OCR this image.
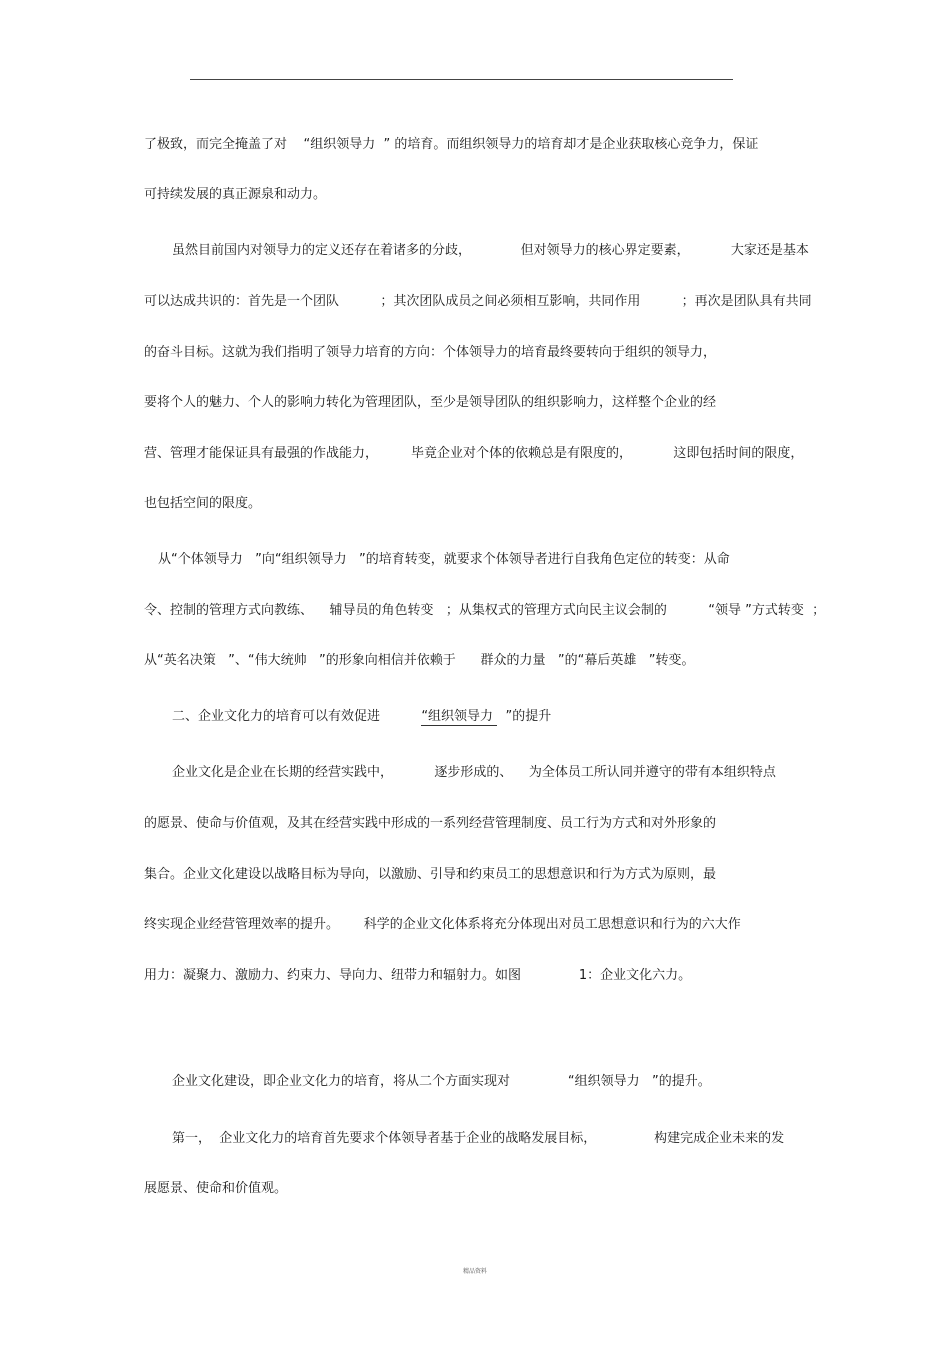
了极致，而完全掩盖了对    “组织领导力  ” 的培育。而组织领导力的培育却才是企业获取核心竞争力，保证
可持续发展的真正源泉和动力。
虽然目前国内对领导力的定义还存在着诸多的分歧，            但对领导力的核心界定要素，          大家还是基本
可以达成共识的：首先是一个团队          ；其次团队成员之间必须相互影响，共同作用          ；再次是团队具有共同
的奋斗目标。这就为我们指明了领导力培育的方向：个体领导力的培育最终要转向于组织的领导力，
要将个人的魅力、个人的影响力转化为管理团队，至少是领导团队的组织影响力，这样整个企业的经
营、管理才能保证具有最强的作战能力，        毕竟企业对个体的依赖总是有限度的，          这即包括时间的限度，
也包括空间的限度。
从“个体领导力   ”向“组织领导力   ”的培育转变，就要求个体领导者进行自我角色定位的转变：从命
令、控制的管理方式向教练、    辅导员的角色转变   ；从集权式的管理方式向民主议会制的          “领导 ”方式转变  ；
从“英名决策   ”、“伟大统帅   ”的形象向相信并依赖于      群众的力量   ”的“幕后英雄   ”转变。
二、企业文化力的培育可以有效促进          “组织领导力   ”的提升
企业文化是企业在长期的经营实践中，          逐步形成的、    为全体员工所认同并遵守的带有本组织特点
的愿景、使命与价值观，及其在经营实践中形成的一系列经营管理制度、员工行为方式和对外形象的
集合。企业文化建设以战略目标为导向，以激励、引导和约束员工的思想意识和行为方式为原则，最
终实现企业经营管理效率的提升。      科学的企业文化体系将充分体现出对员工思想意识和行为的六大作
用力：凝聚力、激励力、约束力、导向力、纽带力和辐射力。如图              1：企业文化六力。
企业文化建设，即企业文化力的培育，将从二个方面实现对              “组织领导力   ”的提升。
第一，  企业文化力的培育首先要求个体领导者基于企业的战略发展目标，              构建完成企业未来的发
展愿景、使命和价值观。
精品资料
